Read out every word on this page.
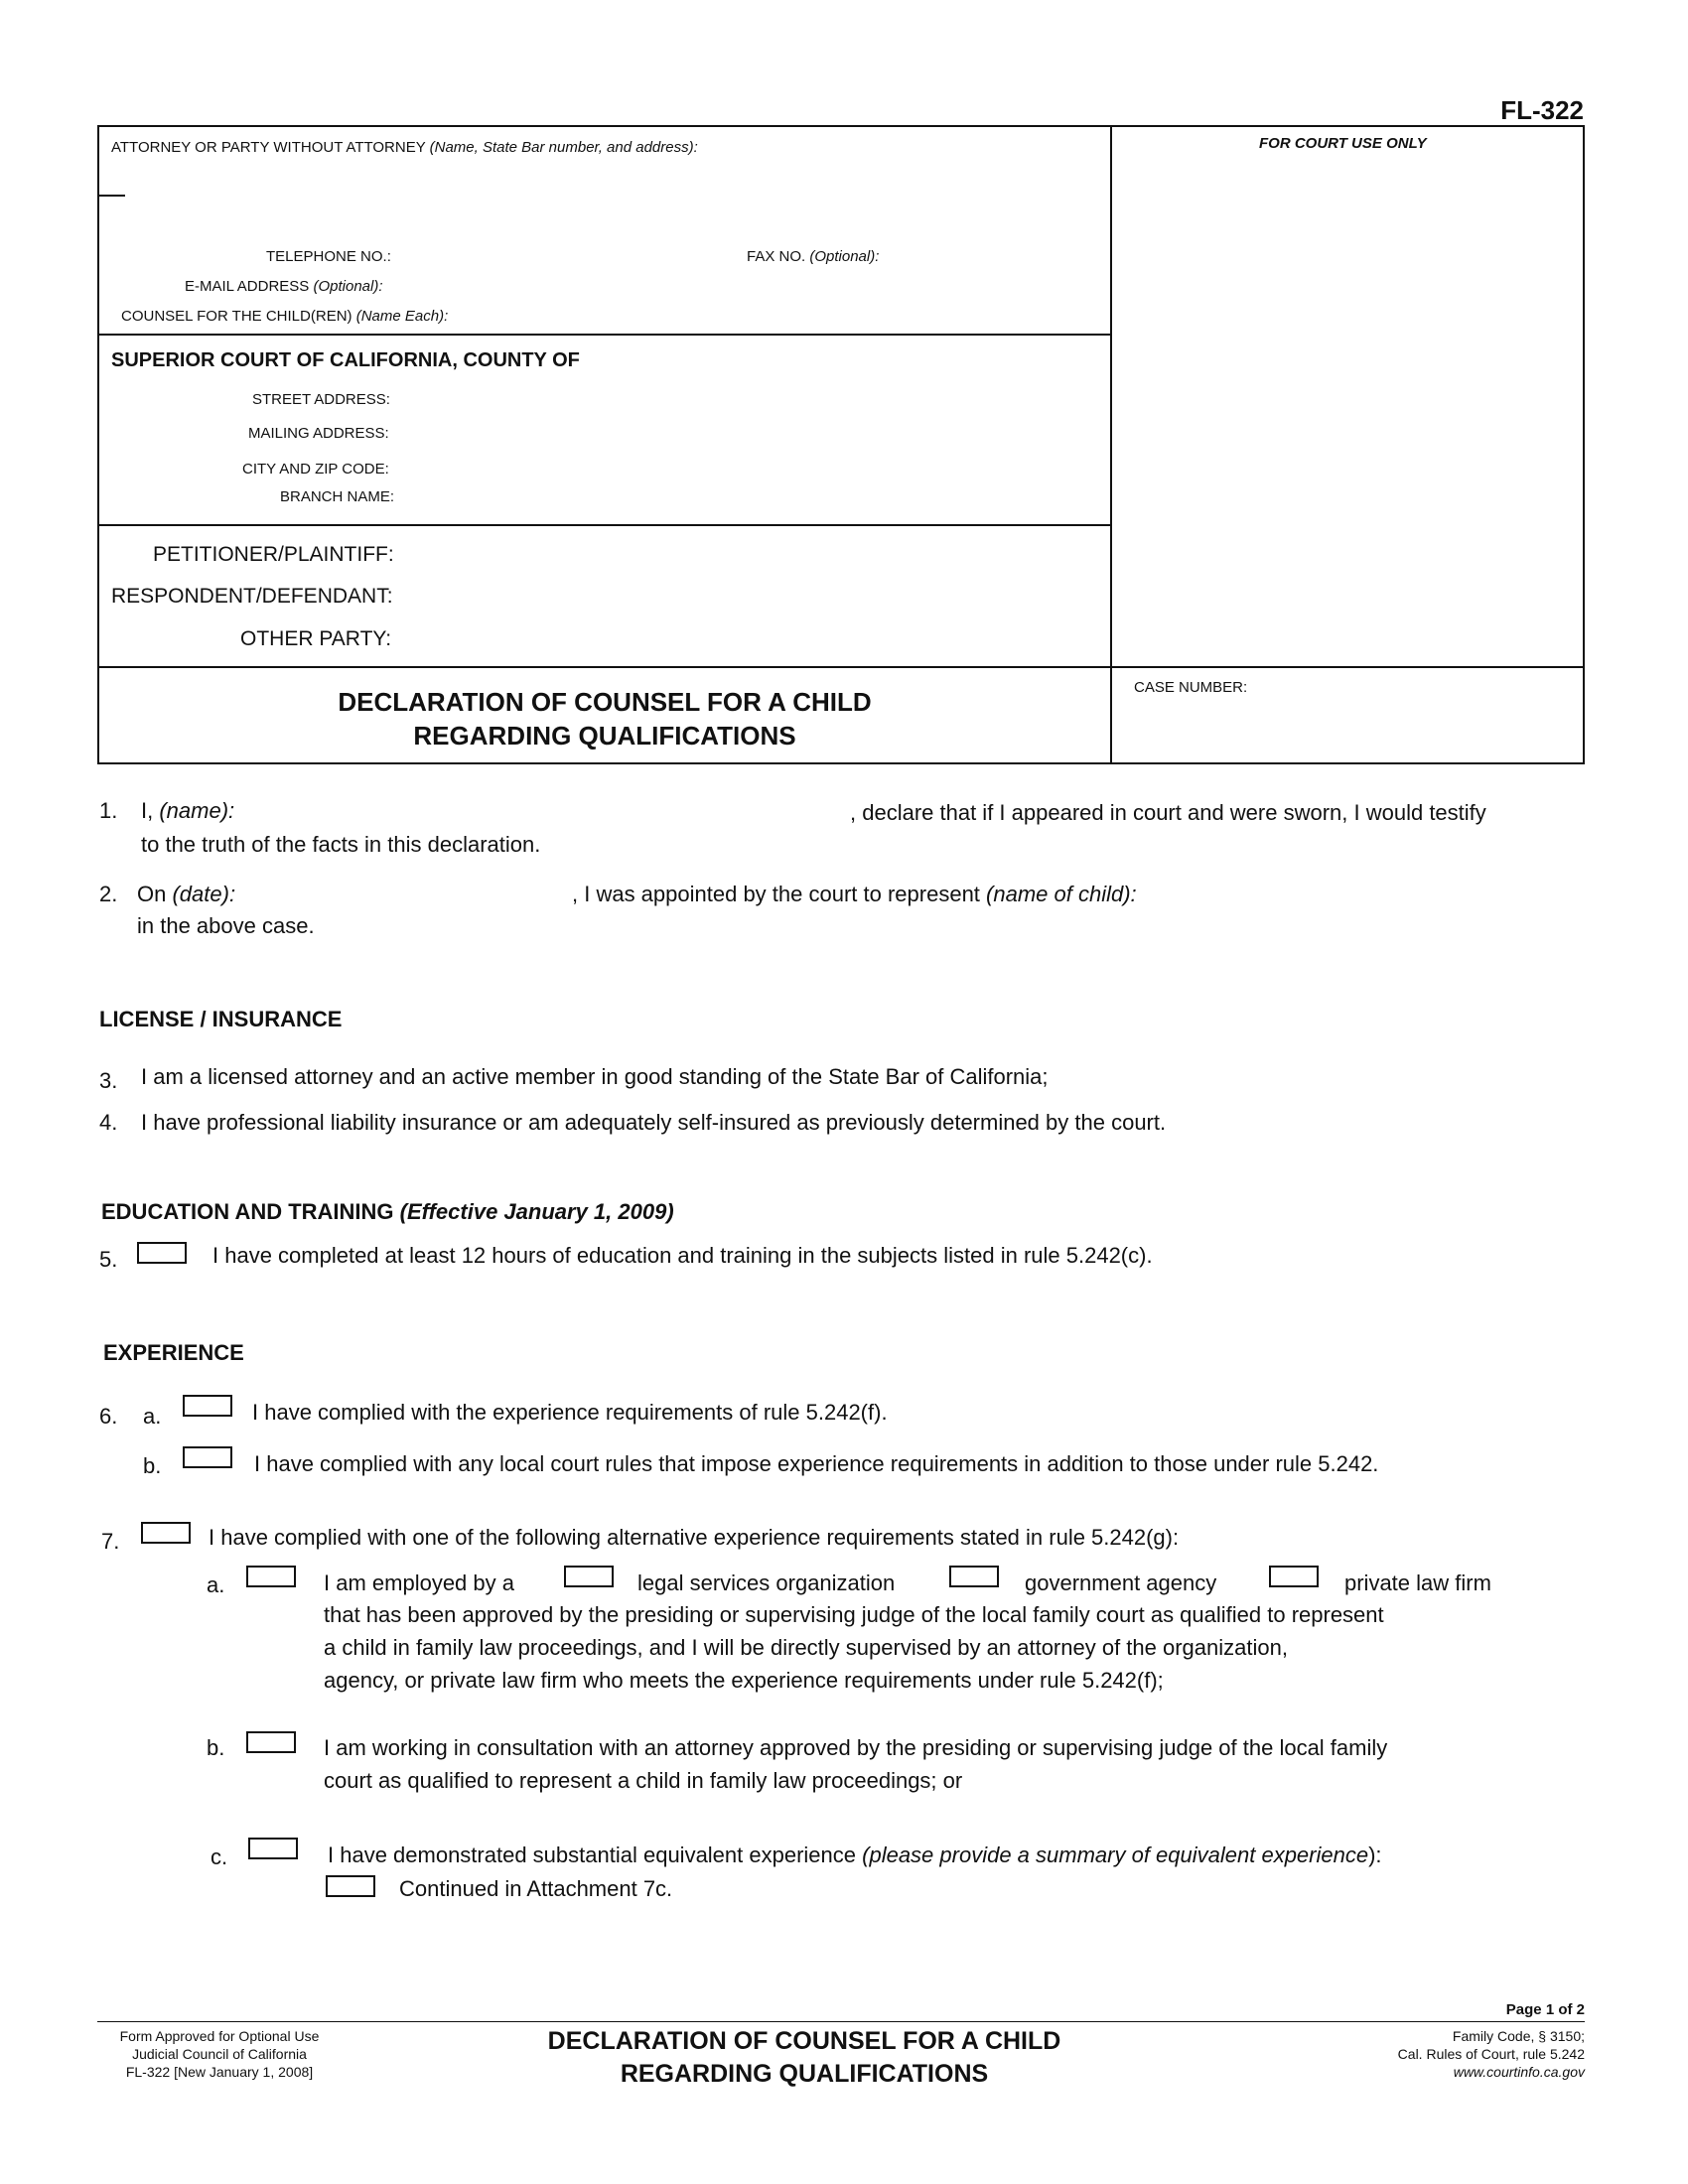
FL-322
ATTORNEY OR PARTY WITHOUT ATTORNEY (Name, State Bar number, and address):	FOR COURT USE ONLY
TELEPHONE NO.:	FAX NO. (Optional):
E-MAIL ADDRESS (Optional):
COUNSEL FOR THE CHILD(REN) (Name Each):
SUPERIOR COURT OF CALIFORNIA, COUNTY OF
STREET ADDRESS:
MAILING ADDRESS:
CITY AND ZIP CODE:
BRANCH NAME:
PETITIONER/PLAINTIFF:
RESPONDENT/DEFENDANT:
OTHER PARTY:
DECLARATION OF COUNSEL FOR A CHILD
REGARDING QUALIFICATIONS
CASE NUMBER:
1. I, (name):	, declare that if I appeared in court and were sworn, I would testify
to the truth of the facts in this declaration.
2. On (date):	, I was appointed by the court to represent (name of child):
in the above case.
LICENSE / INSURANCE
3. I am a licensed attorney and an active member in good standing of the State Bar of California;
4. I have professional liability insurance or am adequately self-insured as previously determined by the court.
EDUCATION AND TRAINING (Effective January 1, 2009)
5.	I have completed at least 12 hours of education and training in the subjects listed in rule 5.242(c).
EXPERIENCE
6. a.	I have complied with the experience requirements of rule 5.242(f).
b.	I have complied with any local court rules that impose experience requirements in addition to those under rule 5.242.
7.	I have complied with one of the following alternative experience requirements stated in rule 5.242(g):
a.	I am employed by a	legal services organization	government agency	private law firm
that has been approved by the presiding or supervising judge of the local family court as qualified to represent
a child in family law proceedings, and I will be directly supervised by an attorney of the organization,
agency, or private law firm who meets the experience requirements under rule 5.242(f);
b.	I am working in consultation with an attorney approved by the presiding or supervising judge of the local family
court as qualified to represent a child in family law proceedings; or
c.	I have demonstrated substantial equivalent experience (please provide a summary of equivalent experience):
Continued in Attachment 7c.
Page 1 of 2
Form Approved for Optional Use
Judicial Council of California
FL-322 [New January 1, 2008]
DECLARATION OF COUNSEL FOR A CHILD
REGARDING QUALIFICATIONS
Family Code, § 3150;
Cal. Rules of Court, rule 5.242
www.courtinfo.ca.gov
